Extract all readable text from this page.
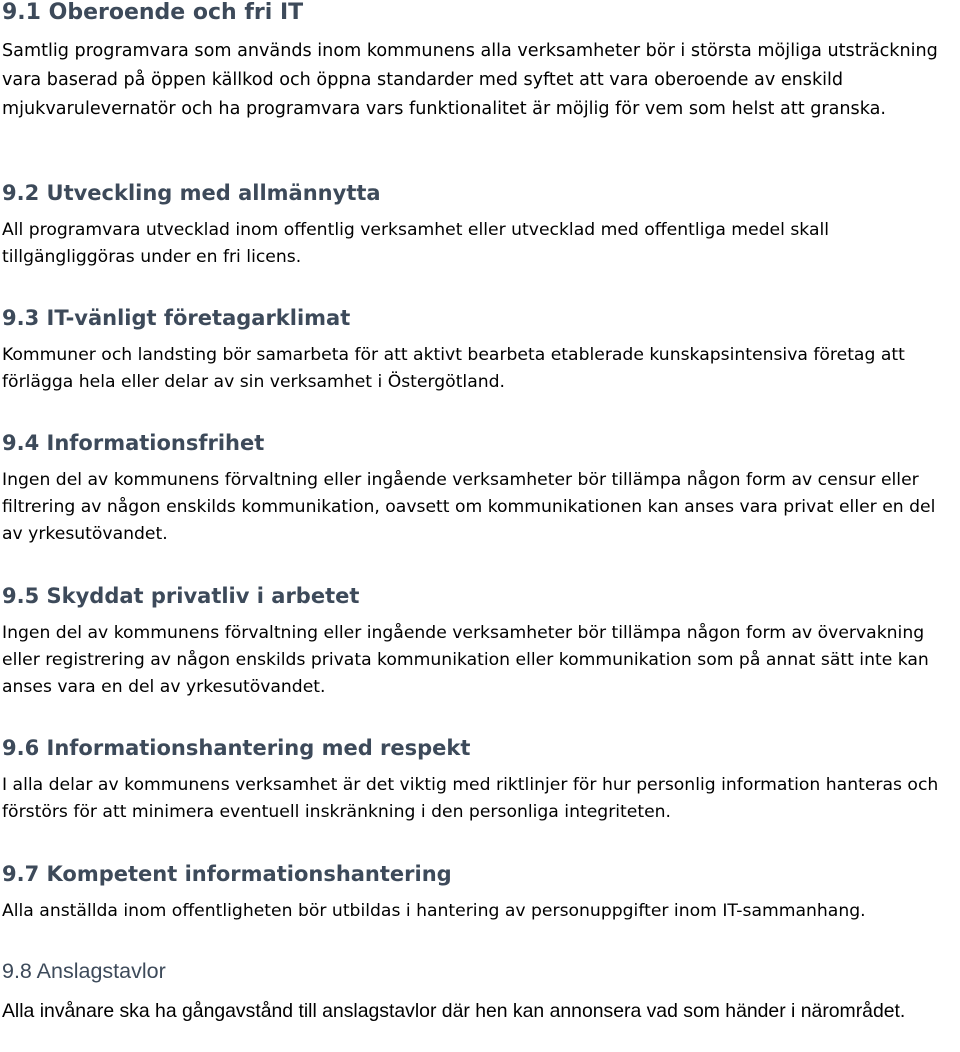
9.1 Oberoende och fri IT

Samtlig programvara som används inom kommunens alla verksamheter bör i största möjliga utsträckning vara baserad på öppen källkod och öppna standarder med syftet att vara oberoende av enskild mjukvarulevernatör och ha programvara vars funktionalitet är möjlig för vem som helst att granska.

9.2 Utveckling med allmännytta

All programvara utvecklad inom offentlig verksamhet eller utvecklad med offentliga medel skall tillgängliggöras under en fri licens.

9.3 IT-vänligt företagarklimat

Kommuner och landsting bör samarbeta för att aktivt bearbeta etablerade kunskapsintensiva företag att förlägga hela eller delar av sin verksamhet i Östergötland.

9.4 Informationsfrihet

Ingen del av kommunens förvaltning eller ingående verksamheter bör tillämpa någon form av censur eller filtrering av någon enskilds kommunikation, oavsett om kommunikationen kan anses vara privat eller en del av yrkesutövandet.

9.5 Skyddat privatliv i arbetet

Ingen del av kommunens förvaltning eller ingående verksamheter bör tillämpa någon form av övervakning eller registrering av någon enskilds privata kommunikation eller kommunikation som på annat sätt inte kan anses vara en del av yrkesutövandet.

9.6 Informationshantering med respekt

I alla delar av kommunens verksamhet är det viktig med riktlinjer för hur personlig information hanteras och förstörs för att minimera eventuell inskränkning i den personliga integriteten.

9.7 Kompetent informationshantering

Alla anställda inom offentligheten bör utbildas i hantering av personuppgifter inom IT-sammanhang.

9.8 Anslagstavlor

Alla invånare ska ha gångavstånd till anslagstavlor där hen kan annonsera vad som händer i närområdet.
